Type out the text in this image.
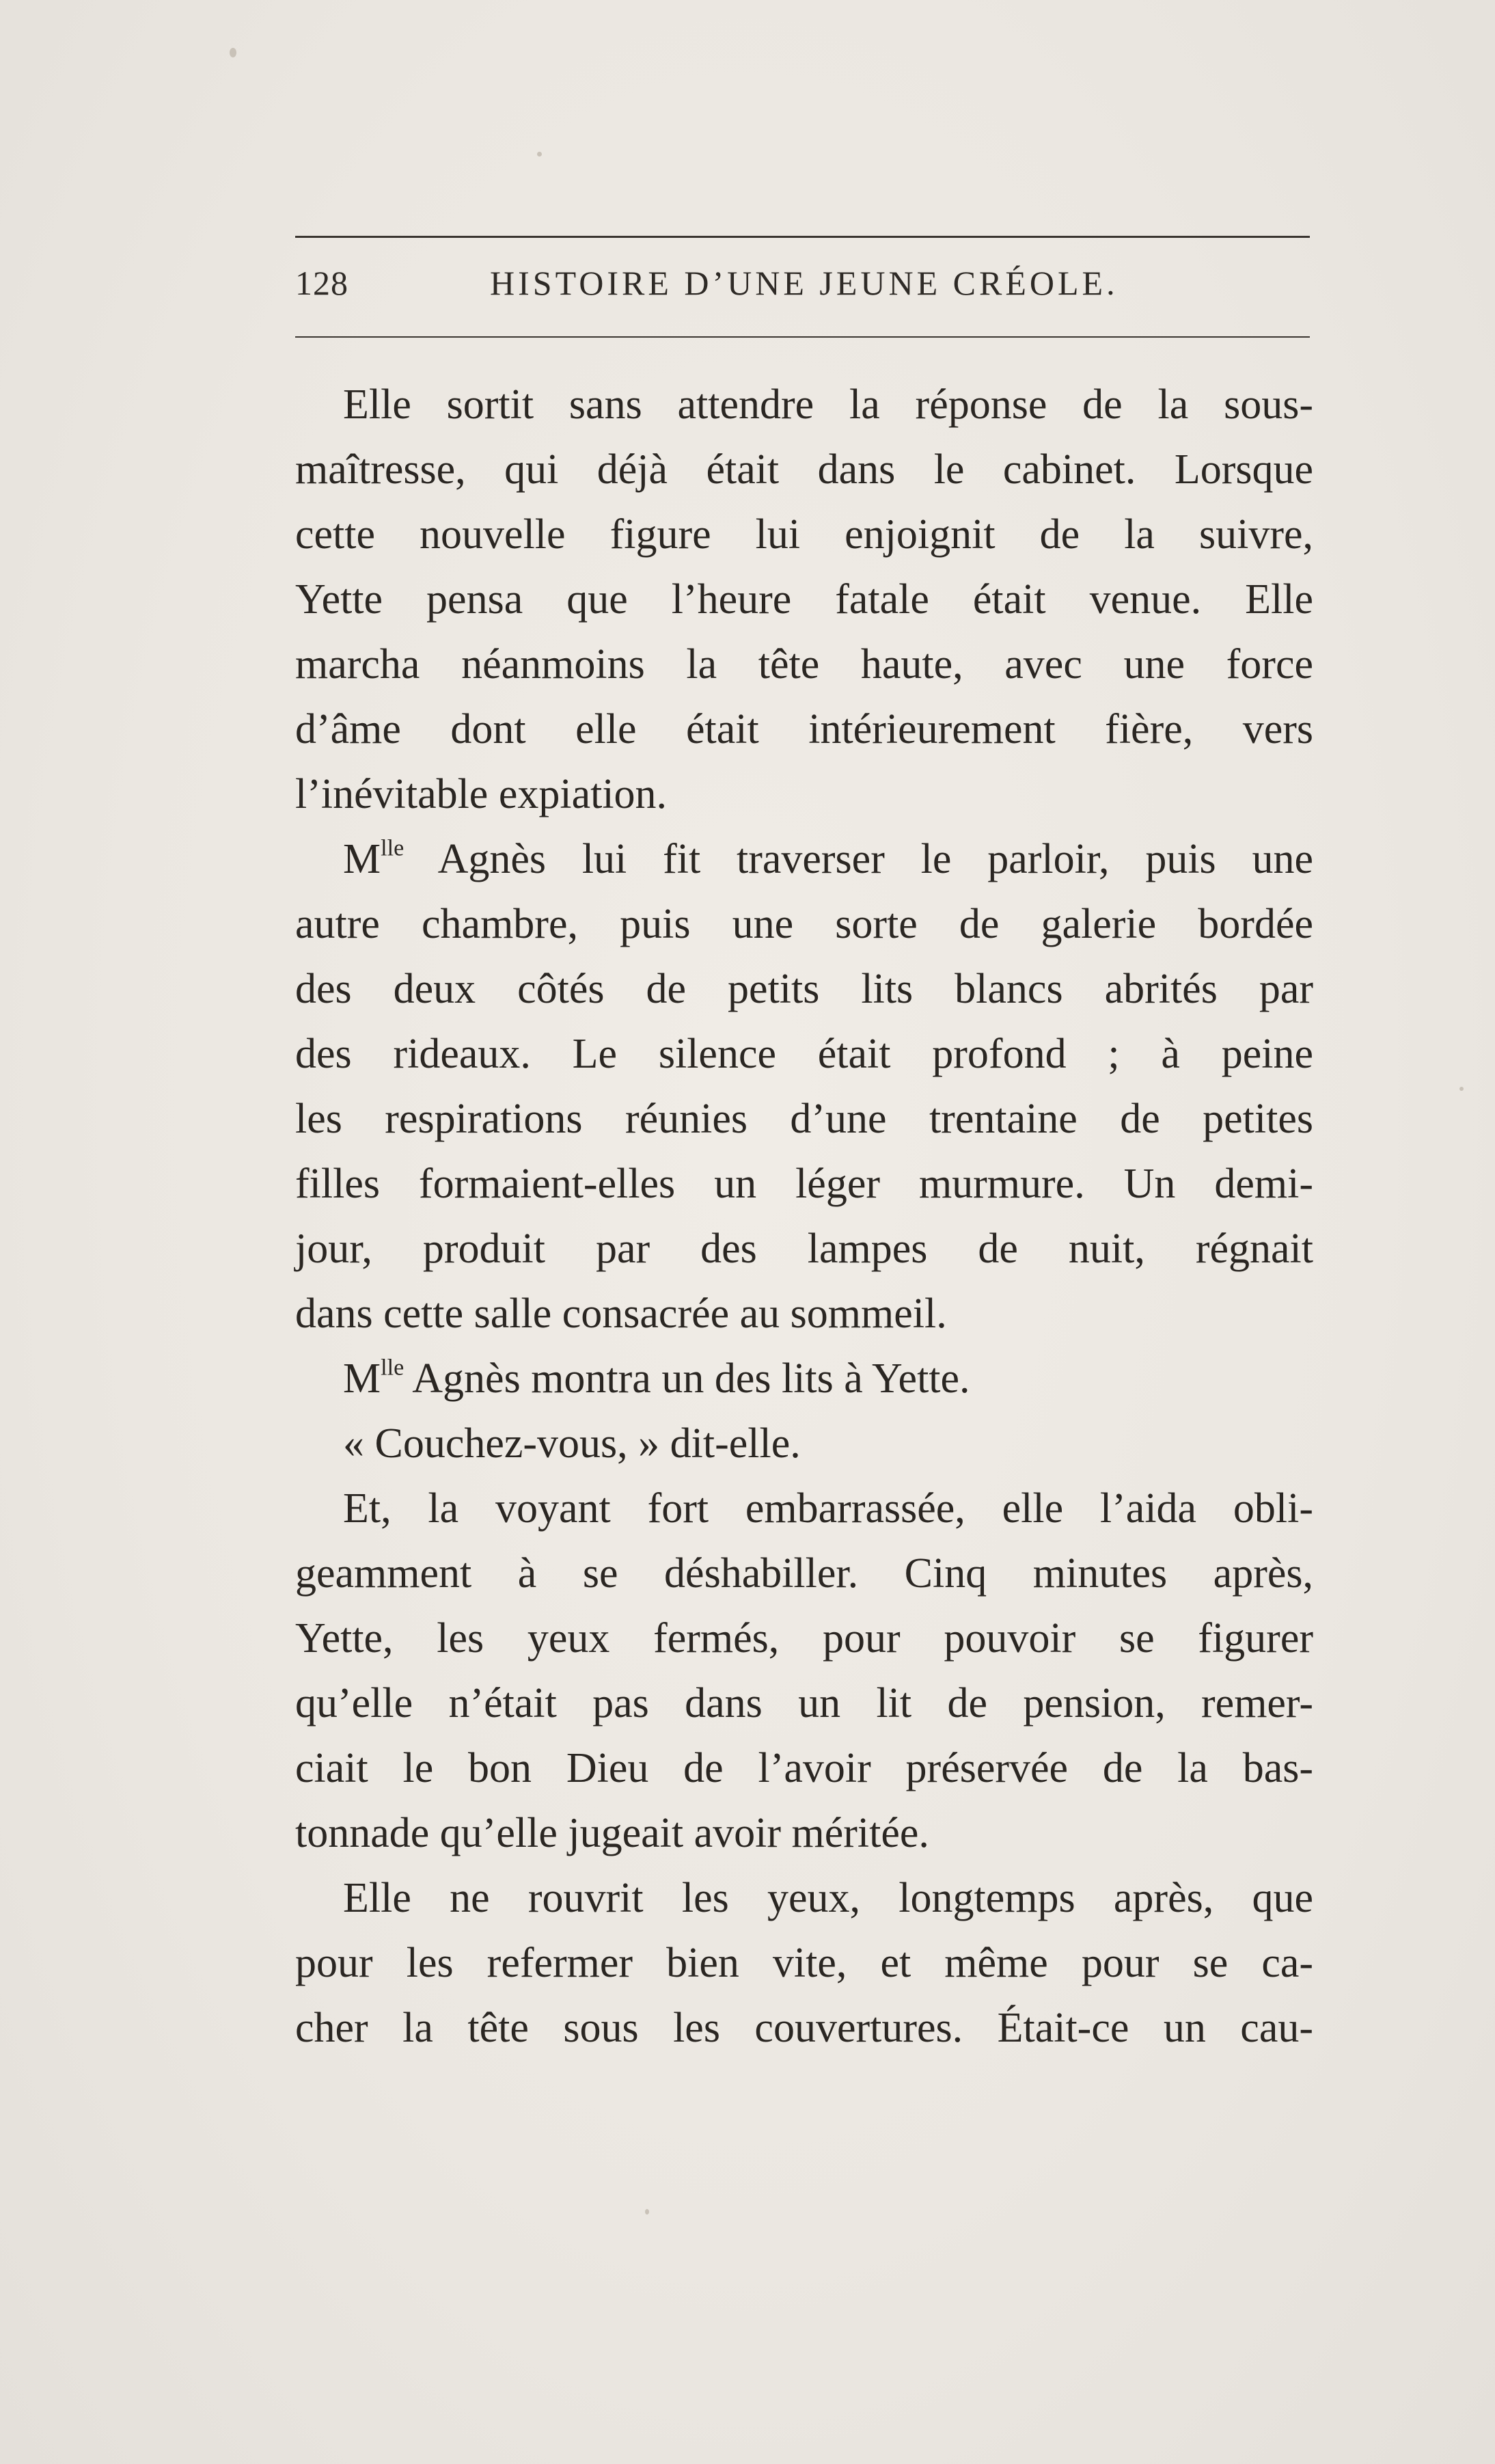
128	HISTOIRE D’UNE JEUNE CRÉOLE.
Elle sortit sans attendre la réponse de la sous-
maîtresse, qui déjà était dans le cabinet. Lorsque
cette nouvelle figure lui enjoignit de la suivre,
Yette pensa que l’heure fatale était venue. Elle
marcha néanmoins la tête haute, avec une force
d’âme dont elle était intérieurement fière, vers
l’inévitable expiation.
$M^{lle}$ Agnès lui fit traverser le parloir, puis une
autre chambre, puis une sorte de galerie bordée
des deux côtés de petits lits blancs abrités par
des rideaux. Le silence était profond ; à peine
les respirations réunies d’une trentaine de petites
filles formaient-elles un léger murmure. Un demi-
jour, produit par des lampes de nuit, régnait
dans cette salle consacrée au sommeil.
$M^{lle}$ Agnès montra un des lits à Yette.
« Couchez-vous, » dit-elle.
Et, la voyant fort embarrassée, elle l’aida obli-
geamment à se déshabiller. Cinq minutes après,
Yette, les yeux fermés, pour pouvoir se figurer
qu’elle n’était pas dans un lit de pension, remer-
ciait le bon Dieu de l’avoir préservée de la bas-
tonnade qu’elle jugeait avoir méritée.
Elle ne rouvrit les yeux, longtemps après, que
pour les refermer bien vite, et même pour se ca-
cher la tête sous les couvertures. Était-ce un cau-
